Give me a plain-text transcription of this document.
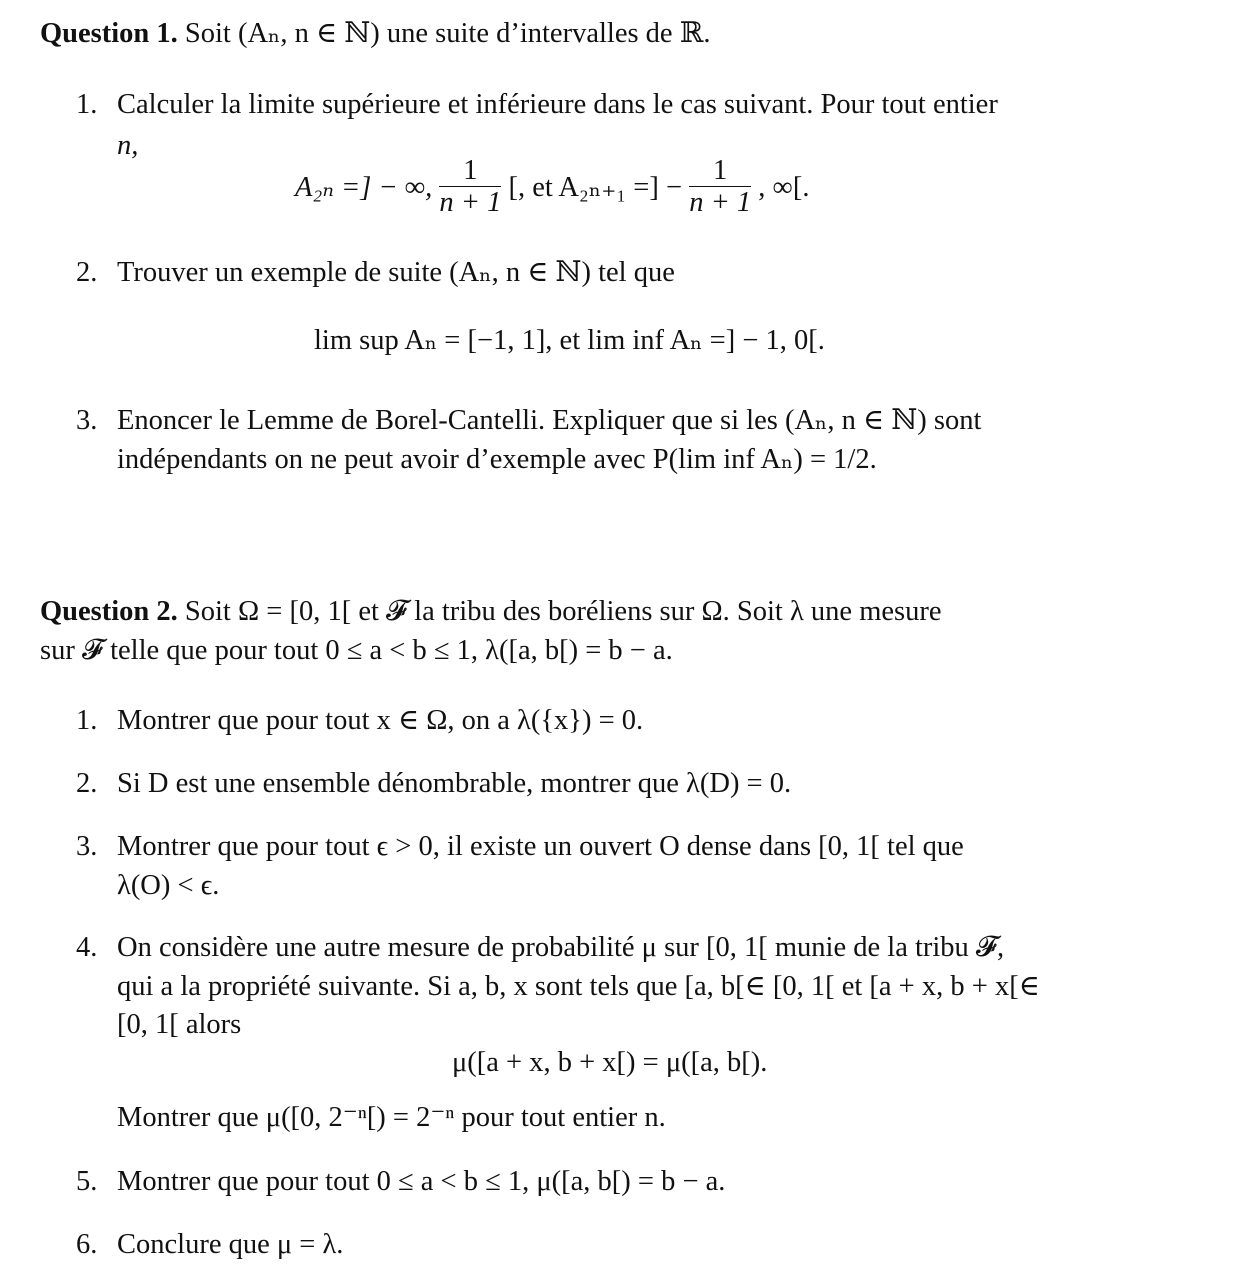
Question 1. Soit (Aₙ, n ∈ ℕ) une suite d’intervalles de ℝ.
1. Calculer la limite supérieure et inférieure dans le cas suivant. Pour tout entier
n,
A₂ₙ =] − ∞, $\frac{1}{n + 1}$ [, et A₂ₙ₊₁ =] − $\frac{1}{n + 1}$ , ∞[.
2. Trouver un exemple de suite (Aₙ, n ∈ ℕ) tel que
lim sup Aₙ = [−1, 1], et lim inf Aₙ =] − 1, 0[.
3. Enoncer le Lemme de Borel-Cantelli. Expliquer que si les (Aₙ, n ∈ ℕ) sont
indépendants on ne peut avoir d’exemple avec P(lim inf Aₙ) = 1/2.
Question 2. Soit Ω = [0, 1[ et 𝓕 la tribu des boréliens sur Ω. Soit λ une mesure
sur 𝓕 telle que pour tout 0 ≤ a < b ≤ 1, λ([a, b[) = b − a.
1. Montrer que pour tout x ∈ Ω, on a λ({x}) = 0.
2. Si D est une ensemble dénombrable, montrer que λ(D) = 0.
3. Montrer que pour tout ϵ > 0, il existe un ouvert O dense dans [0, 1[ tel que
λ(O) < ϵ.
4. On considère une autre mesure de probabilité μ sur [0, 1[ munie de la tribu 𝓕,
qui a la propriété suivante. Si a, b, x sont tels que [a, b[∈ [0, 1[ et [a + x, b + x[∈
[0, 1[ alors
μ([a + x, b + x[) = μ([a, b[).
Montrer que μ([0, 2⁻ⁿ[) = 2⁻ⁿ pour tout entier n.
5. Montrer que pour tout 0 ≤ a < b ≤ 1, μ([a, b[) = b − a.
6. Conclure que μ = λ.
